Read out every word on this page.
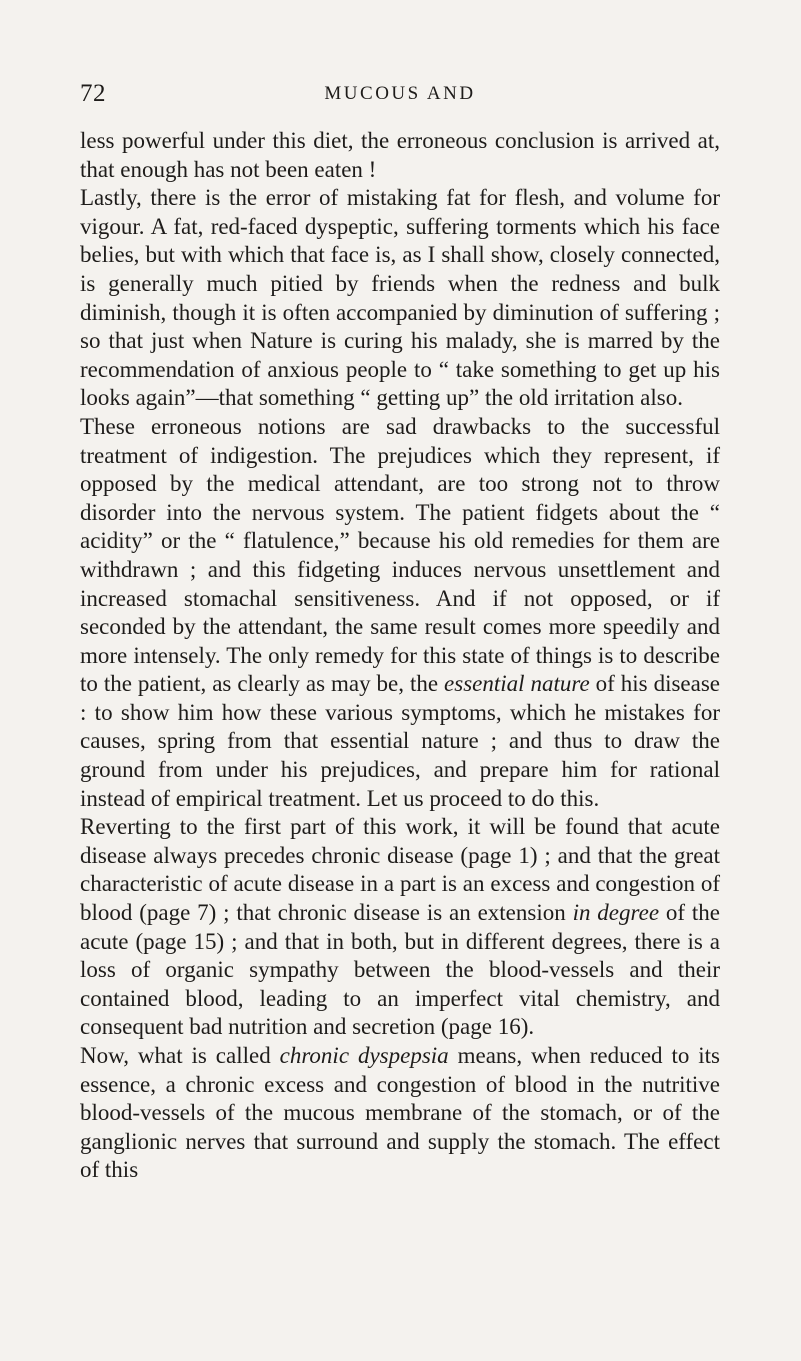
72	MUCOUS AND

less powerful under this diet, the erroneous conclusion is arrived at, that enough has not been eaten !

Lastly, there is the error of mistaking fat for flesh, and volume for vigour. A fat, red-faced dyspeptic, suffering torments which his face belies, but with which that face is, as I shall show, closely connected, is generally much pitied by friends when the redness and bulk diminish, though it is often accompanied by diminution of suffering ; so that just when Nature is curing his malady, she is marred by the recommendation of anxious people to “ take something to get up his looks again”—that something “ getting up” the old irritation also.

These erroneous notions are sad drawbacks to the successful treatment of indigestion. The prejudices which they represent, if opposed by the medical attendant, are too strong not to throw disorder into the nervous system. The patient fidgets about the “ acidity” or the “ flatulence,” because his old remedies for them are withdrawn ; and this fidgeting induces nervous unsettlement and increased stomachal sensitiveness. And if not opposed, or if seconded by the attendant, the same result comes more speedily and more intensely. The only remedy for this state of things is to describe to the patient, as clearly as may be, the essential nature of his disease : to show him how these various symptoms, which he mistakes for causes, spring from that essential nature ; and thus to draw the ground from under his prejudices, and prepare him for rational instead of empirical treatment. Let us proceed to do this.

Reverting to the first part of this work, it will be found that acute disease always precedes chronic disease (page 1) ; and that the great characteristic of acute disease in a part is an excess and congestion of blood (page 7) ; that chronic disease is an extension in degree of the acute (page 15) ; and that in both, but in different degrees, there is a loss of organic sympathy between the blood-vessels and their contained blood, leading to an imperfect vital chemistry, and consequent bad nutrition and secretion (page 16).

Now, what is called chronic dyspepsia means, when reduced to its essence, a chronic excess and congestion of blood in the nutritive blood-vessels of the mucous membrane of the stomach, or of the ganglionic nerves that surround and supply the stomach. The effect of this
